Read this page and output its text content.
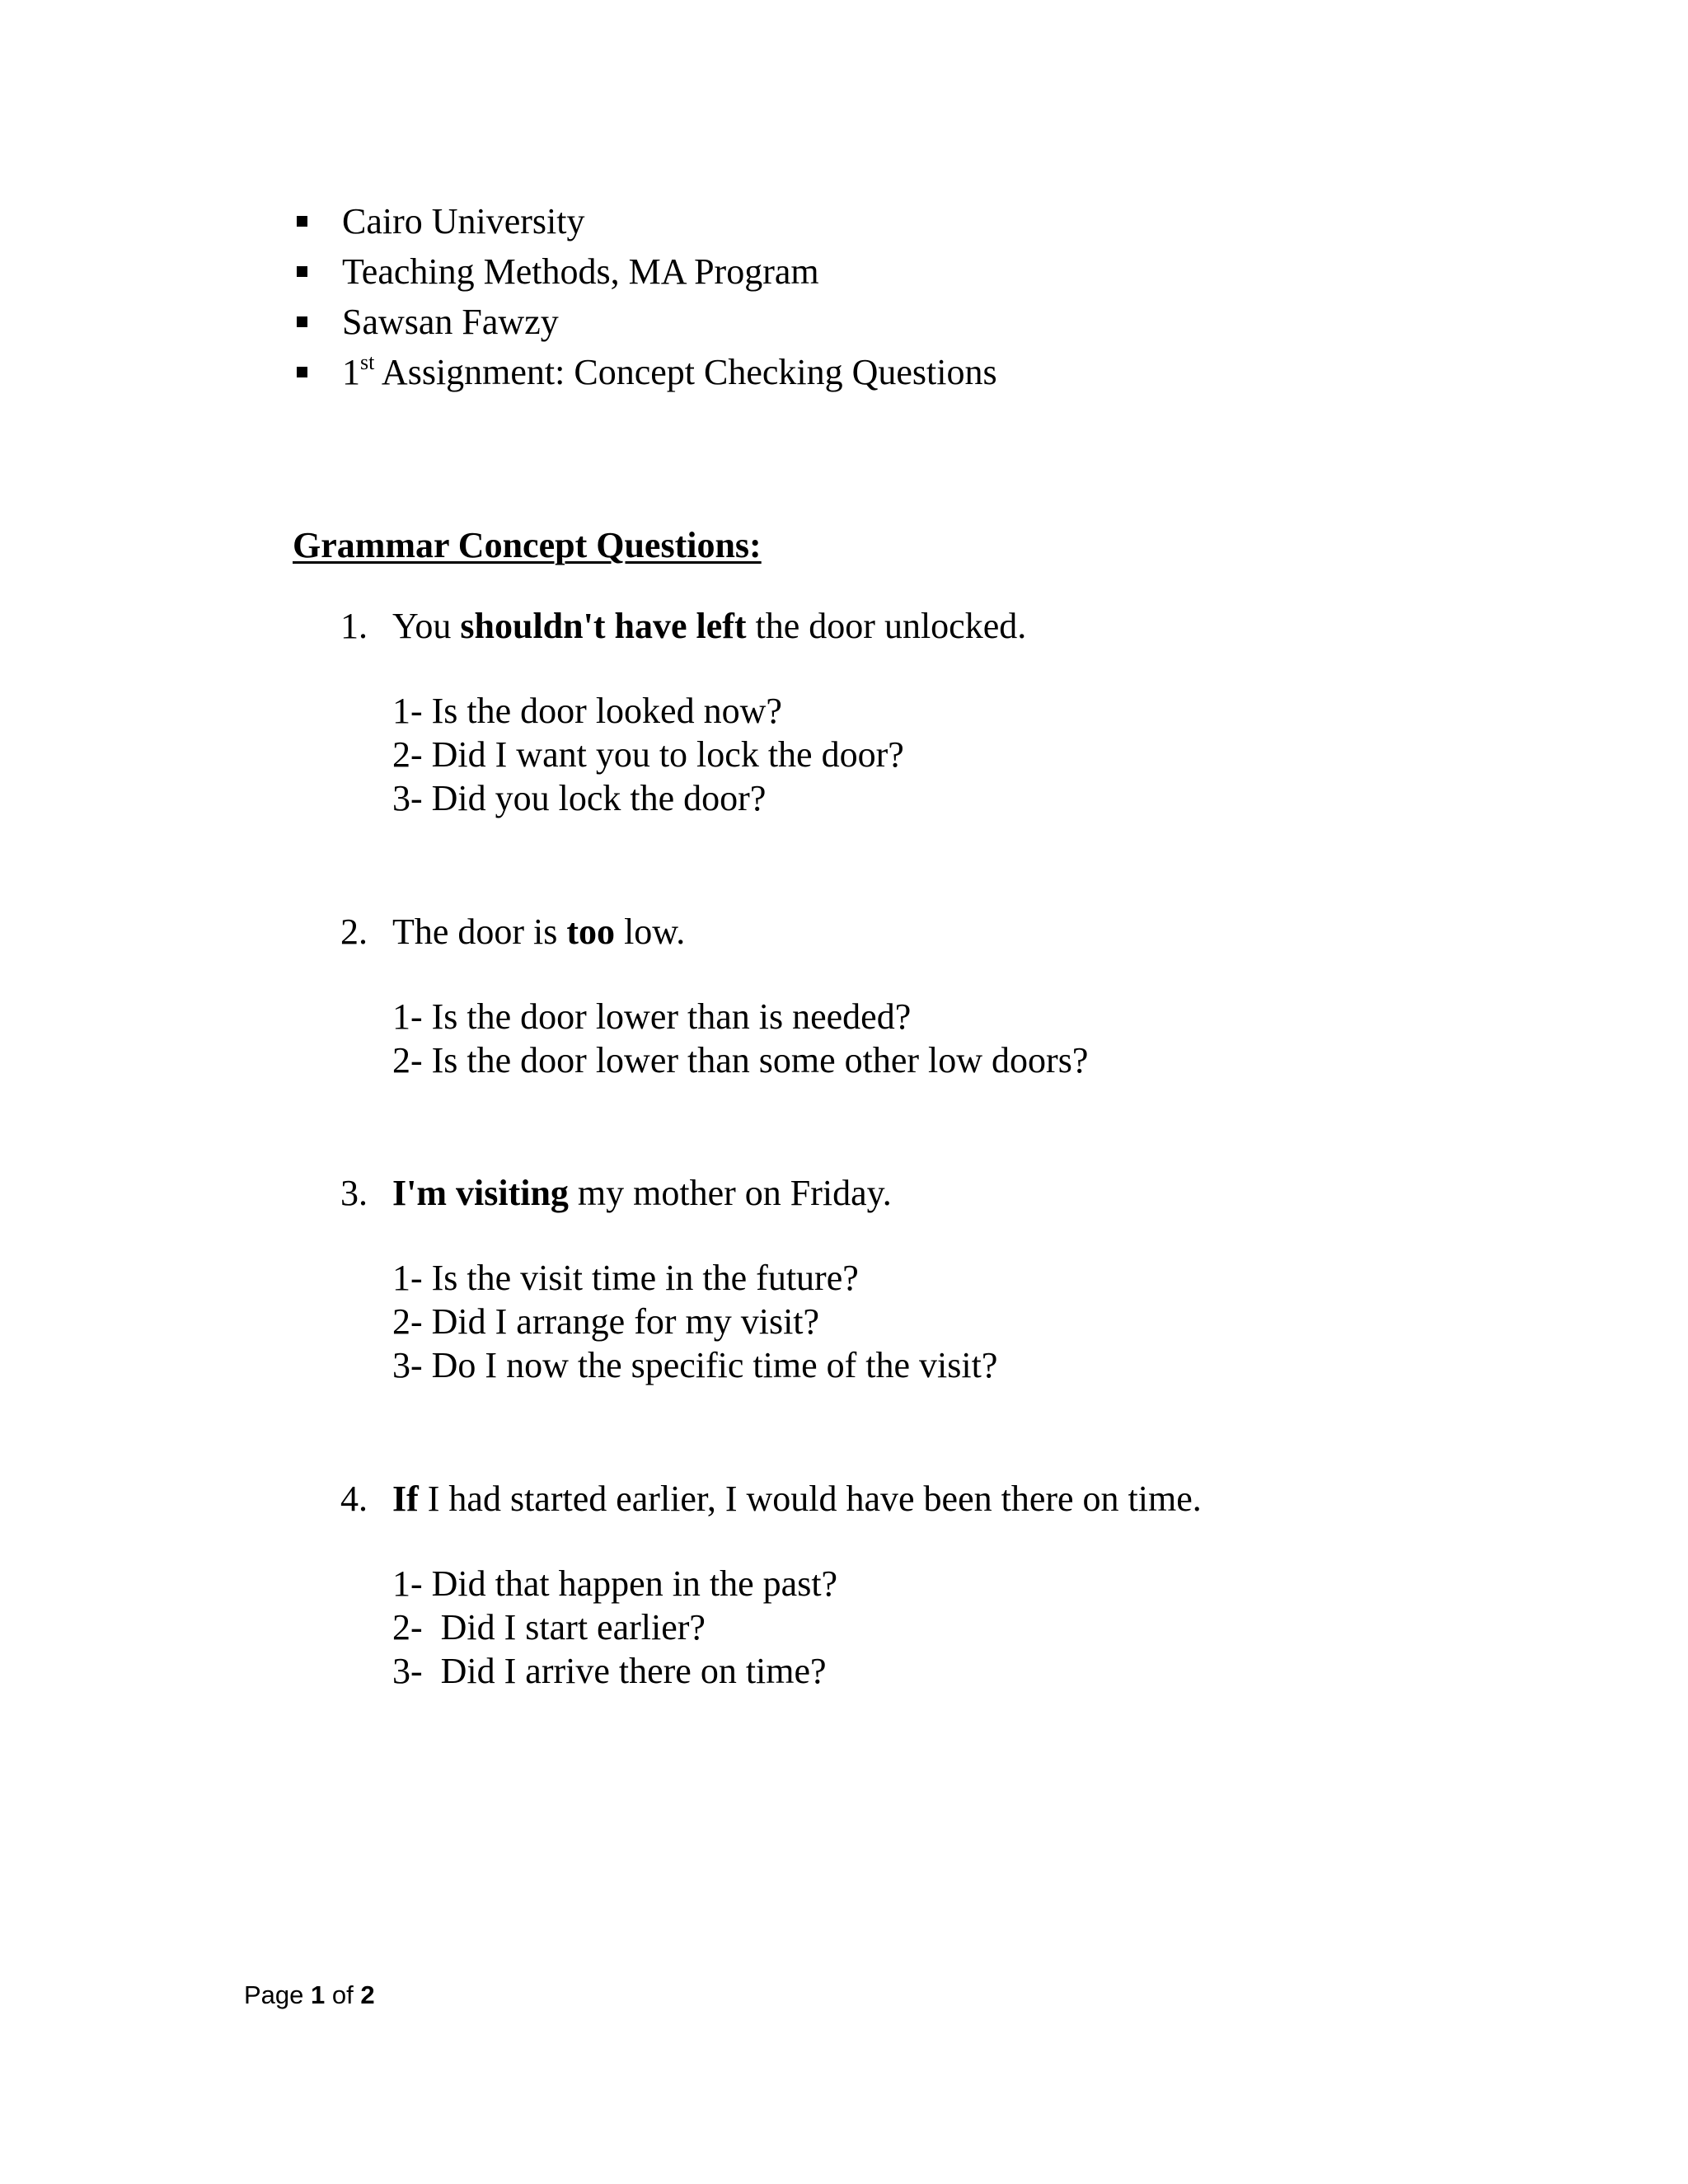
Cairo University
Teaching Methods, MA Program
Sawsan Fawzy
1st Assignment: Concept Checking Questions
Grammar Concept Questions:
1. You shouldn't have left the door unlocked.
1- Is the door looked now?
2- Did I want you to lock the door?
3- Did you lock the door?
2. The door is too low.
1- Is the door lower than is needed?
2- Is the door lower than some other low doors?
3. I'm visiting my mother on Friday.
1- Is the visit time in the future?
2- Did I arrange for my visit?
3- Do I now the specific time of the visit?
4. If I had started earlier, I would have been there on time.
1- Did that happen in the past?
2-  Did I start earlier?
3-  Did I arrive there on time?
Page 1 of 2
